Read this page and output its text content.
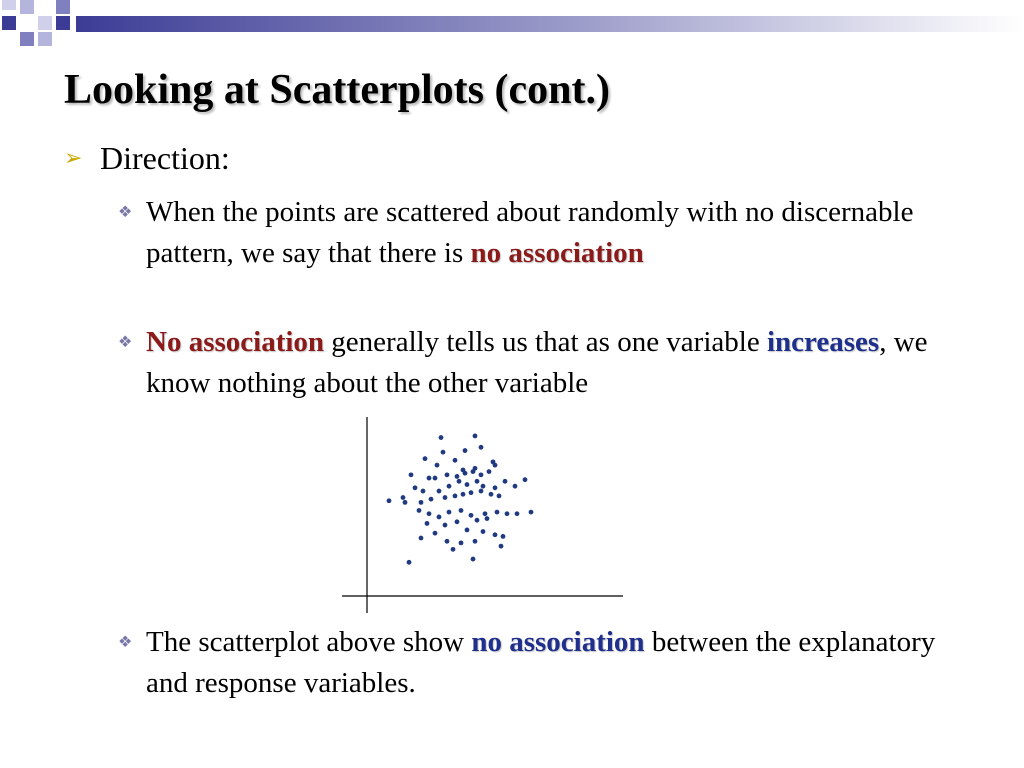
Looking at Scatterplots (cont.)
➢ Direction:
❖ When the points are scattered about randomly with no discernable pattern, we say that there is no association
❖ No association generally tells us that as one variable increases, we know nothing about the other variable
❖ The scatterplot above show no association between the explanatory and response variables.
